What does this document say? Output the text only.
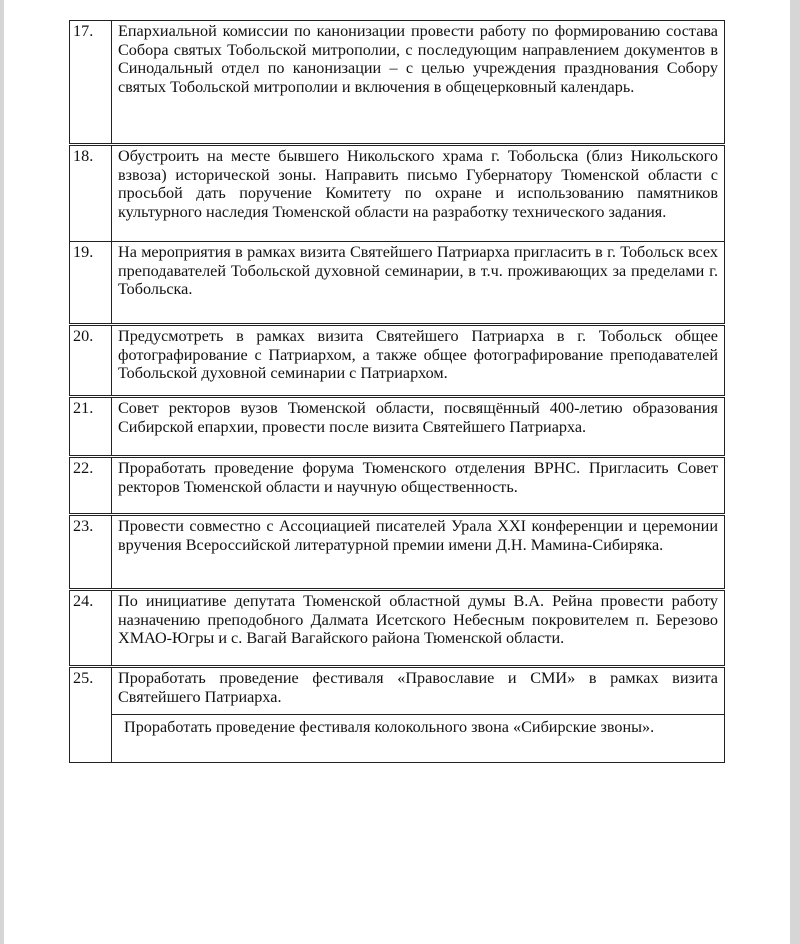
17.	Епархиальной комиссии по канонизации провести работу по формированию состава Собора святых Тобольской митрополии, с последующим направлением документов в Синодальный отдел по канонизации – с целью учреждения празднования Собору святых Тобольской митрополии и включения в общецерковный календарь.

18.	Обустроить на месте бывшего Никольского храма г. Тобольска (близ Никольского взвоза) исторической зоны. Направить письмо Губернатору Тюменской области с просьбой дать поручение Комитету по охране и использованию памятников культурного наследия Тюменской области на разработку технического задания.

19.	На мероприятия в рамках визита Святейшего Патриарха пригласить в г. Тобольск всех преподавателей Тобольской духовной семинарии, в т.ч. проживающих за пределами г. Тобольска.

20.	Предусмотреть в рамках визита Святейшего Патриарха в г. Тобольск общее фотографирование с Патриархом, а также общее фотографирование преподавателей Тобольской духовной семинарии с Патриархом.

21.	Совет ректоров вузов Тюменской области, посвящённый 400-летию образования Сибирской епархии, провести после визита Святейшего Патриарха.

22.	Проработать проведение форума Тюменского отделения ВРНС. Пригласить Совет ректоров Тюменской области и научную общественность.

23.	Провести совместно с Ассоциацией писателей Урала XXI конференции и церемонии вручения Всероссийской литературной премии имени Д.Н. Мамина-Сибиряка.

24.	По инициативе депутата Тюменской областной думы В.А. Рейна провести работу назначению преподобного Далмата Исетского Небесным покровителем п. Березово ХМАО-Югры и с. Вагай Вагайского района Тюменской области.

25.	Проработать проведение фестиваля «Православие и СМИ» в рамках визита Святейшего Патриарха.
Проработать проведение фестиваля колокольного звона «Сибирские звоны».
